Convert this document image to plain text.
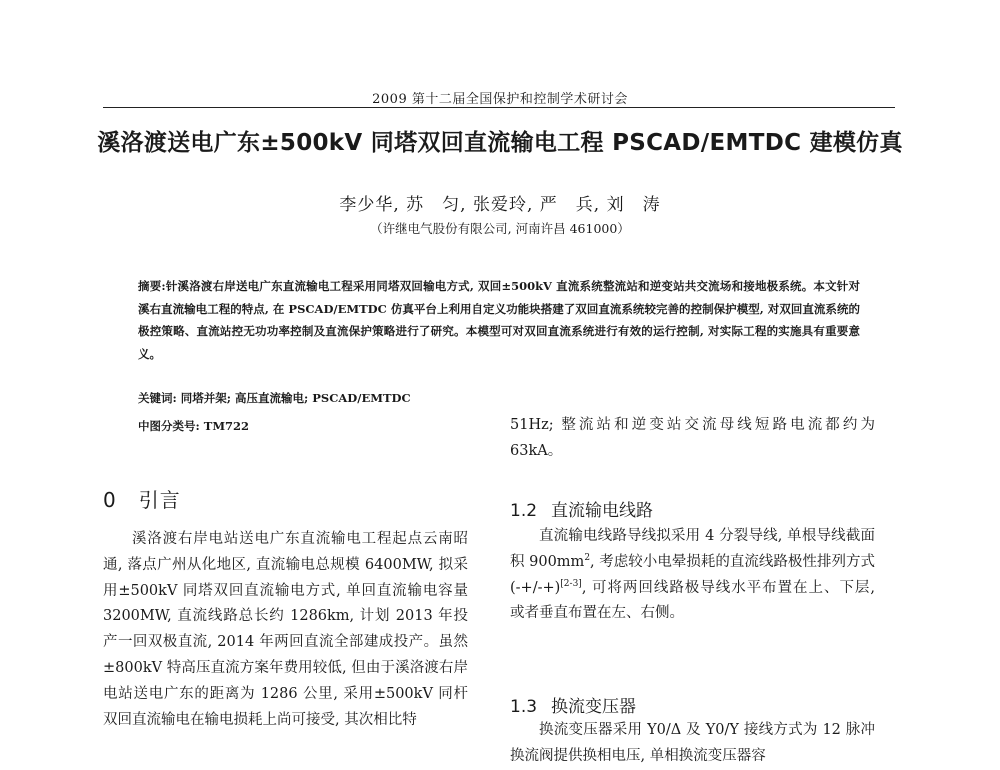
2009 第十二届全国保护和控制学术研讨会
溪洛渡送电广东±500kV 同塔双回直流输电工程 PSCAD/EMTDC 建模仿真
李少华, 苏　匀, 张爱玲, 严　兵, 刘　涛
（许继电气股份有限公司, 河南许昌 461000）
摘要:针溪洛渡右岸送电广东直流输电工程采用同塔双回输电方式, 双回±500kV 直流系统整流站和逆变站共交流场和接地极系统。本文针对溪右直流输电工程的特点, 在 PSCAD/EMTDC 仿真平台上利用自定义功能块搭建了双回直流系统较完善的控制保护模型, 对双回直流系统的极控策略、直流站控无功功率控制及直流保护策略进行了研究。本模型可对双回直流系统进行有效的运行控制, 对实际工程的实施具有重要意义。
关键词: 同塔并架; 高压直流输电; PSCAD/EMTDC
中图分类号: TM722	51Hz; 整流站和逆变站交流母线短路电流都约为 63kA。

0 引言

溪洛渡右岸电站送电广东直流输电工程起点云南昭通, 落点广州从化地区, 直流输电总规模 6400MW, 拟采用±500kV 同塔双回直流输电方式, 单回直流输电容量 3200MW, 直流线路总长约 1286km, 计划 2013 年投产一回双极直流, 2014 年两回直流全部建成投产。虽然±800kV 特高压直流方案年费用较低, 但由于溪洛渡右岸电站送电广东的距离为 1286 公里, 采用±500kV 同杆双回直流输电在输电损耗上尚可接受, 其次相比特

1.2 直流输电线路

直流输电线路导线拟采用 4 分裂导线, 单根导线截面积 $900mm^2$, 考虑较小电晕损耗的直流线路极性排列方式(-+/-+)[2-3], 可将两回线路极导线水平布置在上、下层, 或者垂直布置在左、右侧。

1.3 换流变压器

换流变压器采用 Y0/Δ 及 Y0/Y 接线方式为 12 脉冲换流阀提供换相电压, 单相换流变压器容
